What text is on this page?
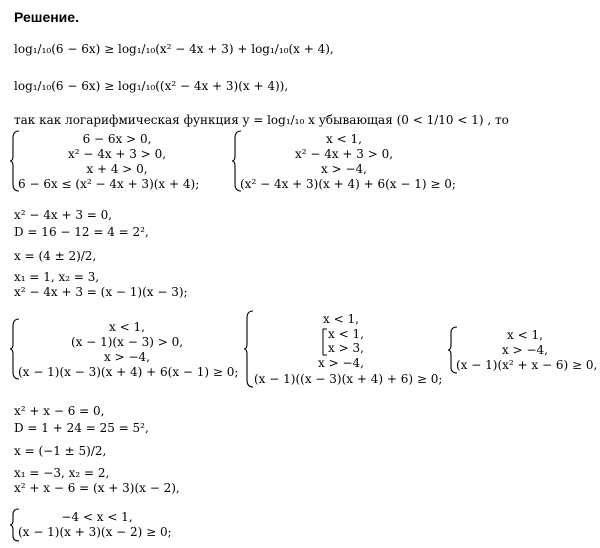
Решение.
log₁/₁₀(6 − 6x) ≥ log₁/₁₀(x² − 4x + 3) + log₁/₁₀(x + 4),
log₁/₁₀(6 − 6x) ≥ log₁/₁₀((x² − 4x + 3)(x + 4)),
так как логарифмическая функция y = log₁/₁₀ x убывающая (0 < 1/10 < 1) , то
6 − 6x > 0,
x² − 4x + 3 > 0,
x + 4 > 0,
6 − 6x ≤ (x² − 4x + 3)(x + 4);
x < 1,
x² − 4x + 3 > 0,
x > −4,
(x² − 4x + 3)(x + 4) + 6(x − 1) ≥ 0;
x² − 4x + 3 = 0,
D = 16 − 12 = 4 = 2²,
x = (4 ± 2)/2,
x₁ = 1, x₂ = 3,
x² − 4x + 3 = (x − 1)(x − 3);
x < 1,
(x − 1)(x − 3) > 0,
x > −4,
(x − 1)(x − 3)(x + 4) + 6(x − 1) ≥ 0;
x < 1,
x < 1,
x > 3,
x > −4,
(x − 1)((x − 3)(x + 4) + 6) ≥ 0;
x < 1,
x > −4,
(x − 1)(x² + x − 6) ≥ 0,
x² + x − 6 = 0,
D = 1 + 24 = 25 = 5²,
x = (−1 ± 5)/2,
x₁ = −3, x₂ = 2,
x² + x − 6 = (x + 3)(x − 2),
−4 < x < 1,
(x − 1)(x + 3)(x − 2) ≥ 0;
